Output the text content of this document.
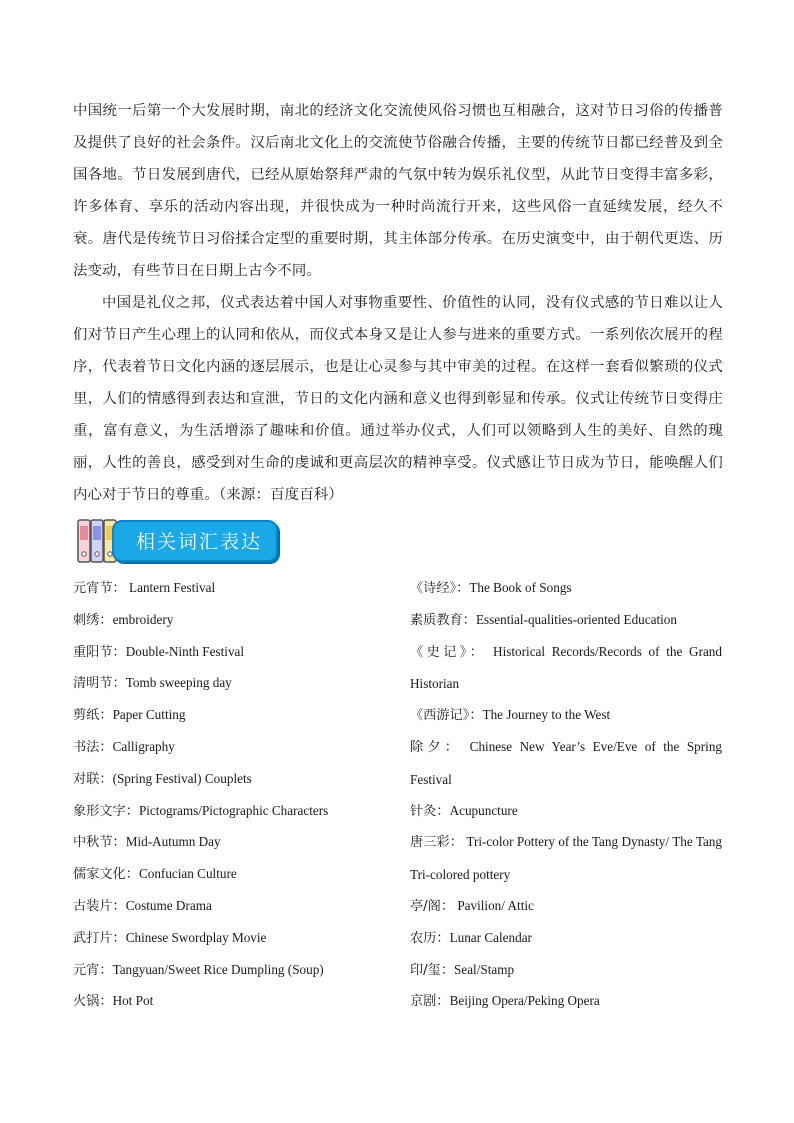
中国统一后第一个大发展时期，南北的经济文化交流使风俗习惯也互相融合，这对节日习俗的传播普及提供了良好的社会条件。汉后南北文化上的交流使节俗融合传播，主要的传统节日都已经普及到全国各地。节日发展到唐代，已经从原始祭拜严肃的气氛中转为娱乐礼仪型，从此节日变得丰富多彩，许多体育、享乐的活动内容出现，并很快成为一种时尚流行开来，这些风俗一直延续发展，经久不衰。唐代是传统节日习俗揉合定型的重要时期，其主体部分传承。在历史演变中，由于朝代更迭、历法变动，有些节日在日期上古今不同。

中国是礼仪之邦，仪式表达着中国人对事物重要性、价值性的认同，没有仪式感的节日难以让人们对节日产生心理上的认同和依从，而仪式本身又是让人参与进来的重要方式。一系列依次展开的程序，代表着节日文化内涵的逐层展示，也是让心灵参与其中审美的过程。在这样一套看似繁琐的仪式里，人们的情感得到表达和宣泄，节日的文化内涵和意义也得到彰显和传承。仪式让传统节日变得庄重，富有意义，为生活增添了趣味和价值。通过举办仪式，人们可以领略到人生的美好、自然的瑰丽，人性的善良，感受到对生命的虔诚和更高层次的精神享受。仪式感让节日成为节日，能唤醒人们内心对于节日的尊重。（来源：百度百科）

相关词汇表达
元宵节： Lantern Festival
刺绣：embroidery
重阳节：Double-Ninth Festival
清明节：Tomb sweeping day
剪纸：Paper Cutting
书法：Calligraphy
对联：(Spring Festival) Couplets
象形文字：Pictograms/Pictographic Characters
中秋节：Mid-Autumn Day
儒家文化：Confucian Culture
古装片：Costume Drama
武打片：Chinese Swordplay Movie
元宵：Tangyuan/Sweet Rice Dumpling (Soup)
火锅：Hot Pot
《诗经》：The Book of Songs
素质教育：Essential-qualities-oriented Education
《史记》： Historical Records/Records of the Grand Historian
《西游记》：The Journey to the West
除夕： Chinese New Year’s Eve/Eve of the Spring Festival
针灸：Acupuncture
唐三彩： Tri-color Pottery of the Tang Dynasty/ The Tang Tri-colored pottery
亭/阁： Pavilion/ Attic
农历：Lunar Calendar
印/玺：Seal/Stamp
京剧：Beijing Opera/Peking Opera
